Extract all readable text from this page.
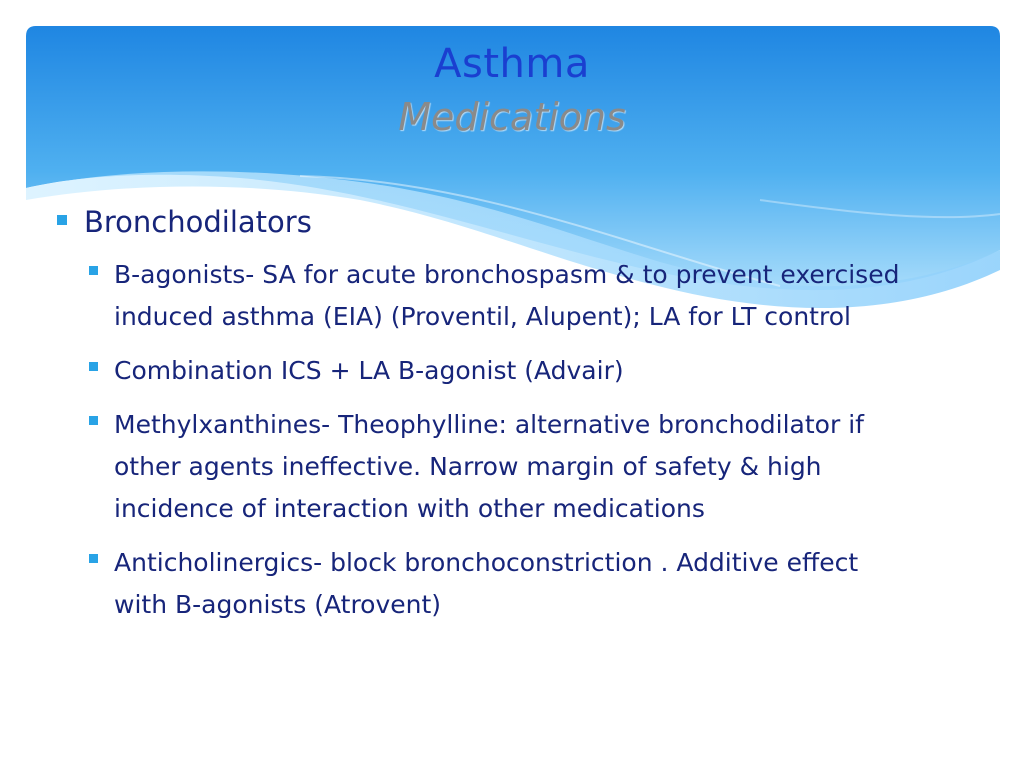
Asthma
Medications
Bronchodilators
B-agonists- SA for acute bronchospasm & to prevent exercised induced asthma (EIA) (Proventil, Alupent); LA for LT control
Combination ICS + LA B-agonist (Advair)
Methylxanthines- Theophylline: alternative bronchodilator if other agents ineffective. Narrow margin of safety & high incidence of interaction with other medications
Anticholinergics- block bronchoconstriction . Additive effect with B-agonists (Atrovent)
